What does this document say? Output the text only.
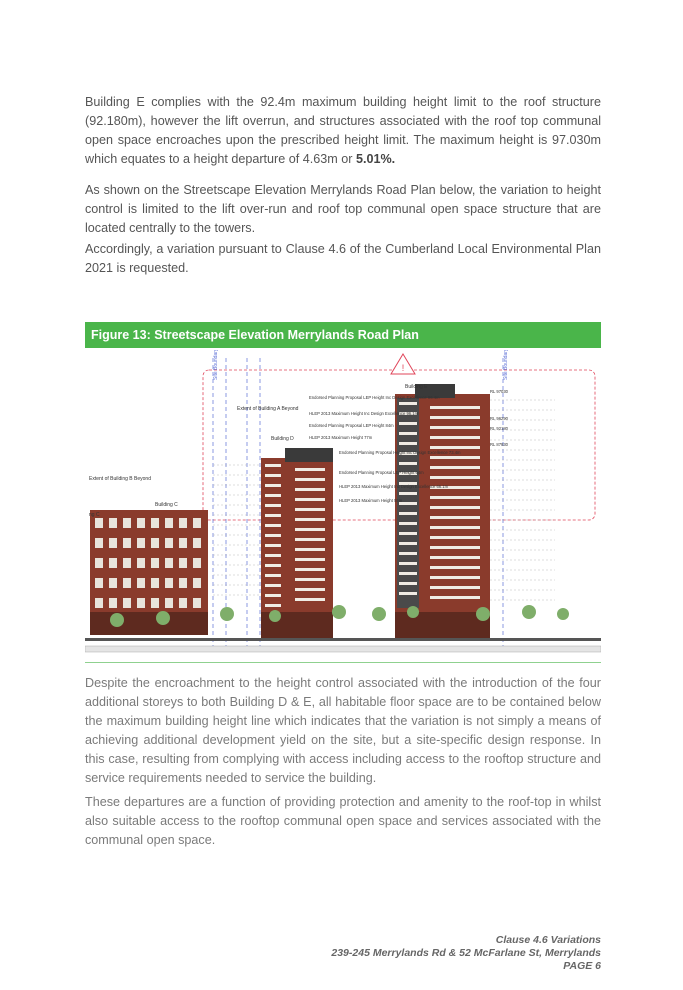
Building E complies with the 92.4m maximum building height limit to the roof structure (92.180m), however the lift overrun, and structures associated with the roof top communal open space encroaches upon the prescribed height limit. The maximum height is 97.030m which equates to a height departure of 4.63m or 5.01%.

As shown on the Streetscape Elevation Merrylands Road Plan below, the variation to height control is limited to the lift over-run and roof top communal open space structure that are located centrally to the towers.

Accordingly, a variation pursuant to Clause 4.6 of the Cumberland Local Environmental Plan 2021 is requested.

Figure 13: Streetscape Elevation Merrylands Road Plan
!
Site Boundary	Site Boundary
Building C
Extent of Building B Beyond
ng C
Building D
Extent of Building A Beyond
Building E
Endorsed Planning Proposal LEP Height Inc Design Excellence 96.4m
HLEP 2013 Maximum Height Inc Design Excellence 96.1m
Endorsed Planning Proposal LEP Height 84m
HLEP 2013 Maximum Height 77m
Endorsed Planning Proposal Height Inc Design Excellence 73.4m
Endorsed Planning Proposal LEP Height 64m
HLEP 2013 Maximum Height Inc Design Excellence 66.1m
HLEP 2013 Maximum Height 55m
RL 97030
RL 96290
RL 92180
RL 87930

Despite the encroachment to the height control associated with the introduction of the four additional storeys to both Building D & E, all habitable floor space are to be contained below the maximum building height line which indicates that the variation is not simply a means of achieving additional development yield on the site, but a site-specific design response. In this case, resulting from complying with access including access to the rooftop structure and service requirements needed to service the building.

These departures are a function of providing protection and amenity to the roof-top in whilst also suitable access to the rooftop communal open space and services associated with the communal open space.

Clause 4.6 Variations
239-245 Merrylands Rd & 52 McFarlane St, Merrylands
PAGE 6
